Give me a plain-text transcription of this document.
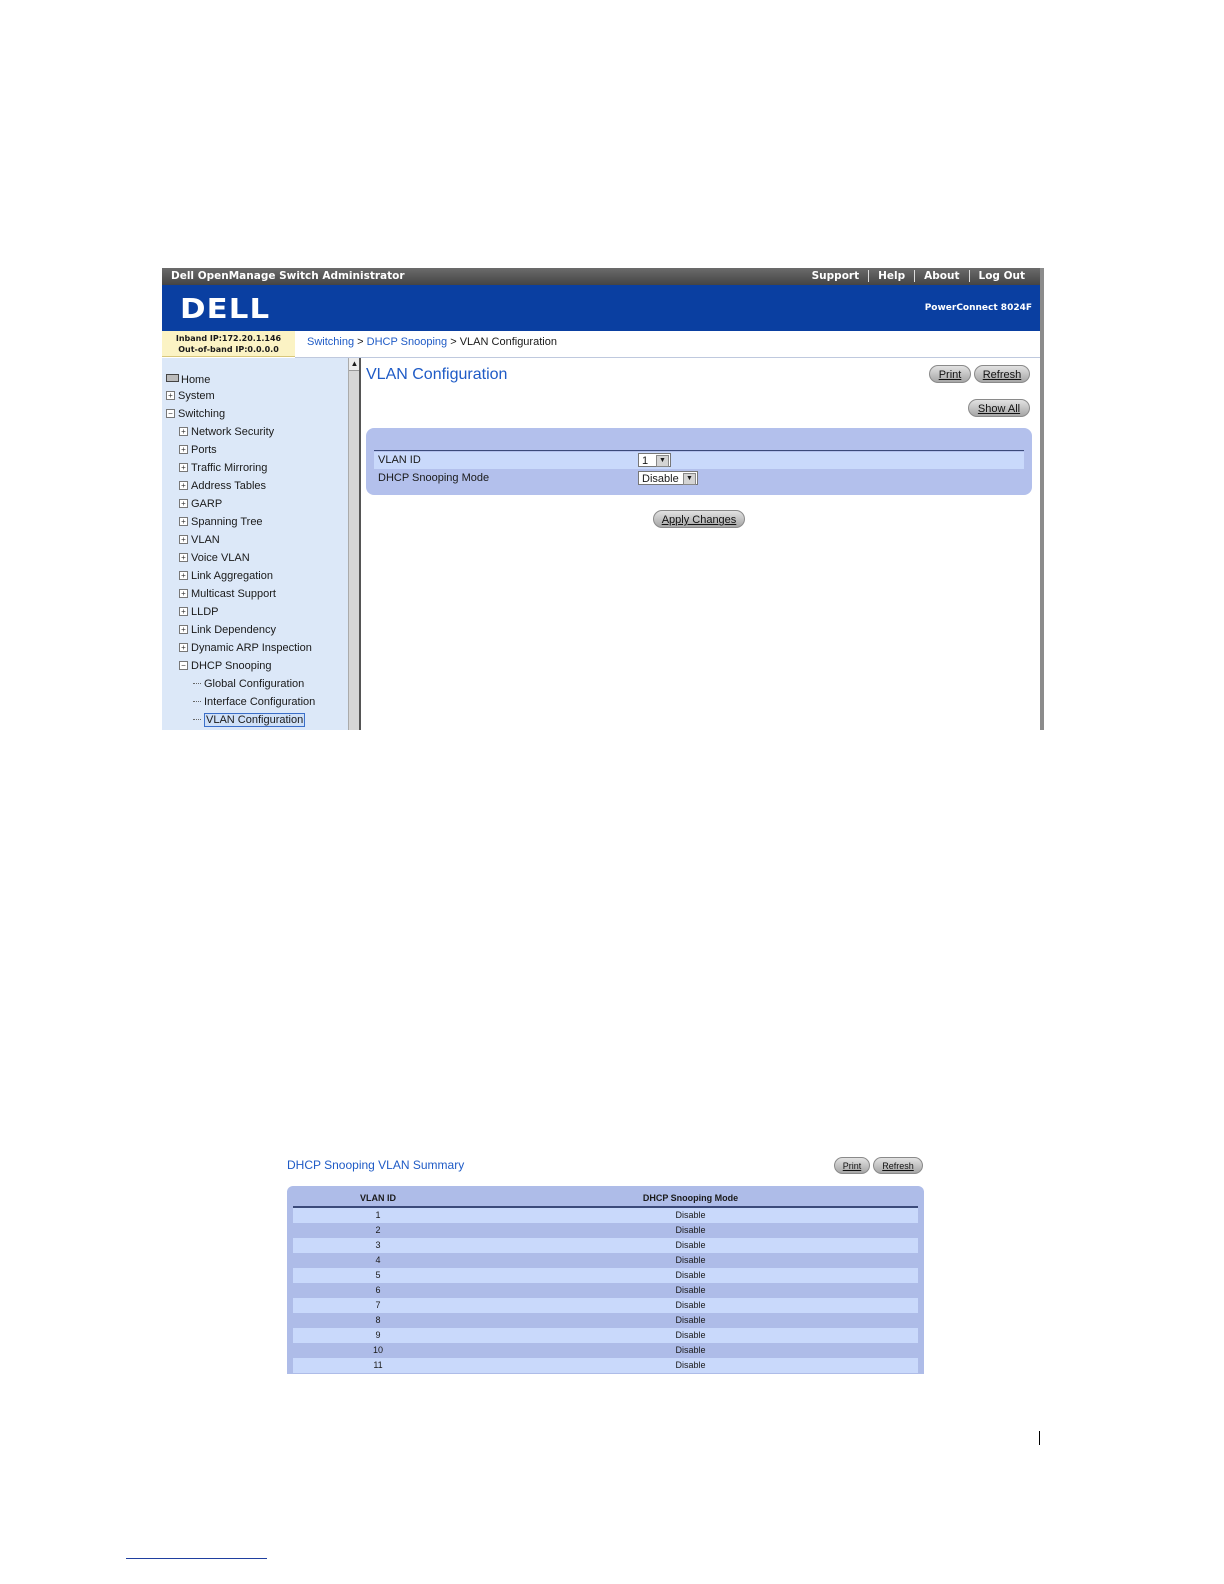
Dell OpenManage Switch Administrator	Support	Help	About	Log Out
DELL	PowerConnect 8024F
Inband IP:172.20.1.146
Out-of-band IP:0.0.0.0
Switching > DHCP Snooping > VLAN Configuration
Home
+ System
− Switching
+ Network Security
+ Ports
+ Traffic Mirroring
+ Address Tables
+ GARP
+ Spanning Tree
+ VLAN
+ Voice VLAN
+ Link Aggregation
+ Multicast Support
+ LLDP
+ Link Dependency
+ Dynamic ARP Inspection
− DHCP Snooping
Global Configuration
Interface Configuration
VLAN Configuration
▲
VLAN Configuration	Print	Refresh
Show All
VLAN ID	1	▼
DHCP Snooping Mode	Disable	▼
Apply Changes
DHCP Snooping VLAN Summary	Print	Refresh
VLAN ID	DHCP Snooping Mode
1	Disable
2	Disable
3	Disable
4	Disable
5	Disable
6	Disable
7	Disable
8	Disable
9	Disable
10	Disable
11	Disable
